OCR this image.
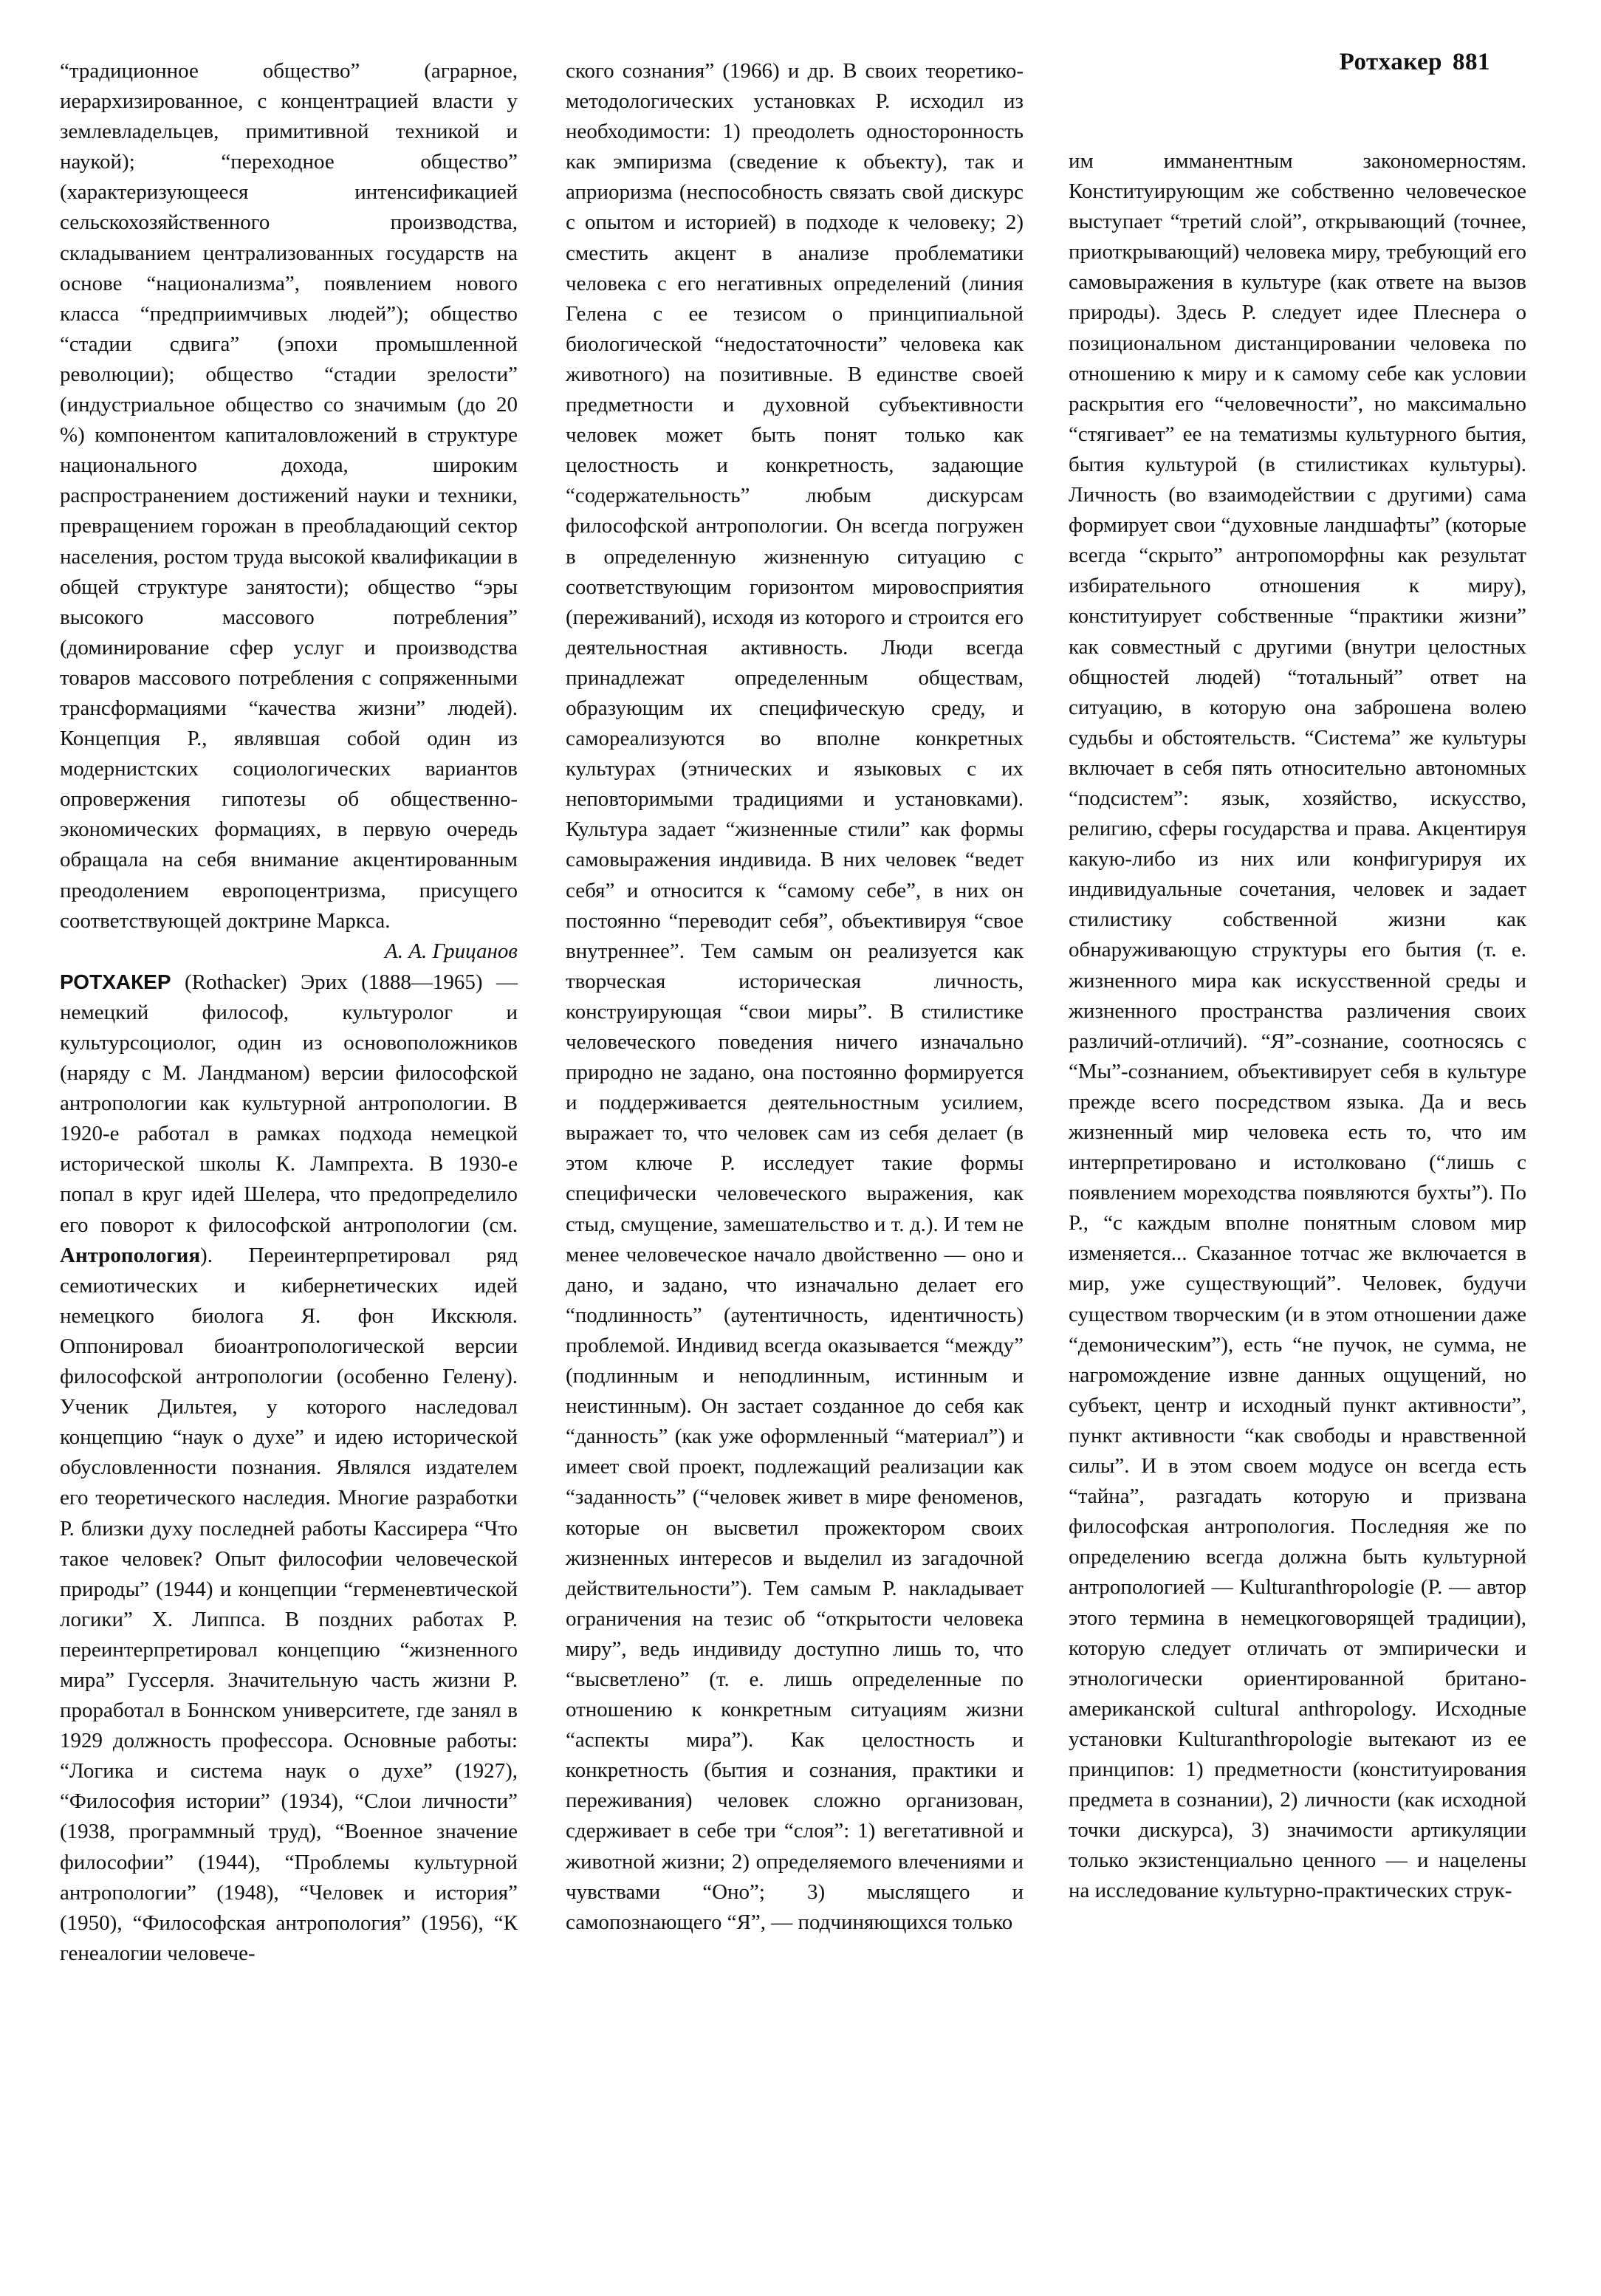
Ротхакер 881

“традиционное общество” (аграрное, иерархизированное, с концентрацией власти у землевладельцев, примитивной техникой и наукой); “переходное общество” (характеризующееся интенсификацией сельскохозяйственного производства, складыванием централизованных государств на основе “национализма”, появлением нового класса “предприимчивых людей”); общество “стадии сдвига” (эпохи промышленной революции); общество “стадии зрелости” (индустриальное общество со значимым (до 20 %) компонентом капиталовложений в структуре национального дохода, широким распространением достижений науки и техники, превращением горожан в преобладающий сектор населения, ростом труда высокой квалификации в общей структуре занятости); общество “эры высокого массового потребления” (доминирование сфер услуг и производства товаров массового потребления с сопряженными трансформациями “качества жизни” людей). Концепция Р., являвшая собой один из модернистских социологических вариантов опровержения гипотезы об общественно-экономических формациях, в первую очередь обращала на себя внимание акцентированным преодолением европоцентризма, присущего соответствующей доктрине Маркса.

А. А. Грицанов

РОТХАКЕР (Rothacker) Эрих (1888—1965) — немецкий философ, культуролог и культурсоциолог, один из основоположников (наряду с М. Ландманом) версии философской антропологии как культурной антропологии. В 1920-е работал в рамках подхода немецкой исторической школы К. Лампрехта. В 1930-е попал в круг идей Шелера, что предопределило его поворот к философской антропологии (см. Антропология). Переинтерпретировал ряд семиотических и кибернетических идей немецкого биолога Я. фон Икскюля. Оппонировал биоантропологической версии философской антропологии (особенно Гелену). Ученик Дильтея, у которого наследовал концепцию “наук о духе” и идею исторической обусловленности познания. Являлся издателем его теоретического наследия. Многие разработки Р. близки духу последней работы Кассирера “Что такое человек? Опыт философии человеческой природы” (1944) и концепции “герменевтической логики” Х. Липпса. В поздних работах Р. переинтерпретировал концепцию “жизненного мира” Гуссерля. Значительную часть жизни Р. проработал в Боннском университете, где занял в 1929 должность профессора. Основные работы: “Логика и система наук о духе” (1927), “Философия истории” (1934), “Слои личности” (1938, программный труд), “Военное значение философии” (1944), “Проблемы культурной антропологии” (1948), “Человек и история” (1950), “Философская антропология” (1956), “К генеалогии человече-

ского сознания” (1966) и др. В своих теоретико-методологических установках Р. исходил из необходимости: 1) преодолеть односторонность как эмпиризма (сведение к объекту), так и априоризма (неспособность связать свой дискурс с опытом и историей) в подходе к человеку; 2) сместить акцент в анализе проблематики человека с его негативных определений (линия Гелена с ее тезисом о принципиальной биологической “недостаточности” человека как животного) на позитивные. В единстве своей предметности и духовной субъективности человек может быть понят только как целостность и конкретность, задающие “содержательность” любым дискурсам философской антропологии. Он всегда погружен в определенную жизненную ситуацию с соответствующим горизонтом мировосприятия (переживаний), исходя из которого и строится его деятельностная активность. Люди всегда принадлежат определенным обществам, образующим их специфическую среду, и самореализуются во вполне конкретных культурах (этнических и языковых с их неповторимыми традициями и установками). Культура задает “жизненные стили” как формы самовыражения индивида. В них человек “ведет себя” и относится к “самому себе”, в них он постоянно “переводит себя”, объективируя “свое внутреннее”. Тем самым он реализуется как творческая историческая личность, конструирующая “свои миры”. В стилистике человеческого поведения ничего изначально природно не задано, она постоянно формируется и поддерживается деятельностным усилием, выражает то, что человек сам из себя делает (в этом ключе Р. исследует такие формы специфически человеческого выражения, как стыд, смущение, замешательство и т. д.). И тем не менее человеческое начало двойственно — оно и дано, и задано, что изначально делает его “подлинность” (аутентичность, идентичность) проблемой. Индивид всегда оказывается “между” (подлинным и неподлинным, истинным и неистинным). Он застает созданное до себя как “данность” (как уже оформленный “материал”) и имеет свой проект, подлежащий реализации как “заданность” (“человек живет в мире феноменов, которые он высветил прожектором своих жизненных интересов и выделил из загадочной действительности”). Тем самым Р. накладывает ограничения на тезис об “открытости человека миру”, ведь индивиду доступно лишь то, что “высветлено” (т. е. лишь определенные по отношению к конкретным ситуациям жизни “аспекты мира”). Как целостность и конкретность (бытия и сознания, практики и переживания) человек сложно организован, сдерживает в себе три “слоя”: 1) вегетативной и животной жизни; 2) определяемого влечениями и чувствами “Оно”; 3) мыслящего и самопознающего “Я”, — подчиняющихся только

им имманентным закономерностям. Конституирующим же собственно человеческое выступает “третий слой”, открывающий (точнее, приоткрывающий) человека миру, требующий его самовыражения в культуре (как ответе на вызов природы). Здесь Р. следует идее Плеснера о позициональном дистанцировании человека по отношению к миру и к самому себе как условии раскрытия его “человечности”, но максимально “стягивает” ее на тематизмы культурного бытия, бытия культурой (в стилистиках культуры). Личность (во взаимодействии с другими) сама формирует свои “духовные ландшафты” (которые всегда “скрыто” антропоморфны как результат избирательного отношения к миру), конституирует собственные “практики жизни” как совместный с другими (внутри целостных общностей людей) “тотальный” ответ на ситуацию, в которую она заброшена волею судьбы и обстоятельств. “Система” же культуры включает в себя пять относительно автономных “подсистем”: язык, хозяйство, искусство, религию, сферы государства и права. Акцентируя какую-либо из них или конфигурируя их индивидуальные сочетания, человек и задает стилистику собственной жизни как обнаруживающую структуры его бытия (т. е. жизненного мира как искусственной среды и жизненного пространства различения своих различий-отличий). “Я”-сознание, соотносясь с “Мы”-сознанием, объективирует себя в культуре прежде всего посредством языка. Да и весь жизненный мир человека есть то, что им интерпретировано и истолковано (“лишь с появлением мореходства появляются бухты”). По Р., “с каждым вполне понятным словом мир изменяется... Сказанное тотчас же включается в мир, уже существующий”. Человек, будучи существом творческим (и в этом отношении даже “демоническим”), есть “не пучок, не сумма, не нагромождение извне данных ощущений, но субъект, центр и исходный пункт активности”, пункт активности “как свободы и нравственной силы”. И в этом своем модусе он всегда есть “тайна”, разгадать которую и призвана философская антропология. Последняя же по определению всегда должна быть культурной антропологией — Kulturanthropologie (Р. — автор этого термина в немецкоговорящей традиции), которую следует отличать от эмпирически и этнологически ориентированной британо-американской cultural anthropology. Исходные установки Kulturanthropologie вытекают из ее принципов: 1) предметности (конституирования предмета в сознании), 2) личности (как исходной точки дискурса), 3) значимости артикуляции только экзистенциально ценного — и нацелены на исследование культурно-практических струк-
